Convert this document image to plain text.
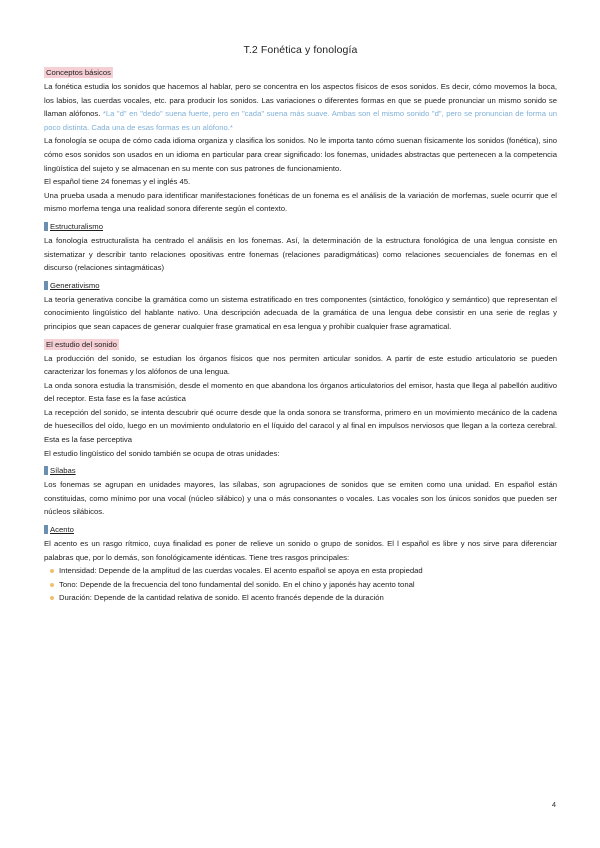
T.2 Fonética y fonología
Conceptos básicos

La fonética estudia los sonidos que hacemos al hablar, pero se concentra en los aspectos físicos de esos sonidos. Es decir, cómo movemos la boca, los labios, las cuerdas vocales, etc. para producir los sonidos. Las variaciones o diferentes formas en que se puede pronunciar un mismo sonido se llaman alófonos. *La "d" en "dedo" suena fuerte, pero en "cada" suena más suave. Ambas son el mismo sonido "d", pero se pronuncian de forma un poco distinta. Cada una de esas formas es un alófono.*

La fonología se ocupa de cómo cada idioma organiza y clasifica los sonidos. No le importa tanto cómo suenan físicamente los sonidos (fonética), sino cómo esos sonidos son usados en un idioma en particular para crear significado: los fonemas, unidades abstractas que pertenecen a la competencia lingüística del sujeto y se almacenan en su mente con sus patrones de funcionamiento.

El español tiene 24 fonemas y el inglés 45.

Una prueba usada a menudo para identificar manifestaciones fonéticas de un fonema es el análisis de la variación de morfemas, suele ocurrir que el mismo morfema tenga una realidad sonora diferente según el contexto.

Estructuralismo

La fonología estructuralista ha centrado el análisis en los fonemas. Así, la determinación de la estructura fonológica de una lengua consiste en sistematizar y describir tanto relaciones opositivas entre fonemas (relaciones paradigmáticas) como relaciones secuenciales de fonemas en el discurso (relaciones sintagmáticas)

Generativismo

La teoría generativa concibe la gramática como un sistema estratificado en tres componentes (sintáctico, fonológico y semántico) que representan el conocimiento lingüístico del hablante nativo. Una descripción adecuada de la gramática de una lengua debe consistir en una serie de reglas y principios que sean capaces de generar cualquier frase gramatical en esa lengua y prohibir cualquier frase agramatical.

El estudio del sonido

La producción del sonido, se estudian los órganos físicos que nos permiten articular sonidos. A partir de este estudio articulatorio se pueden caracterizar los fonemas y los alófonos de una lengua.

La onda sonora estudia la transmisión, desde el momento en que abandona los órganos articulatorios del emisor, hasta que llega al pabellón auditivo del receptor. Esta fase es la fase acústica

La recepción del sonido, se intenta descubrir qué ocurre desde que la onda sonora se transforma, primero en un movimiento mecánico de la cadena de huesecillos del oído, luego en un movimiento ondulatorio en el líquido del caracol y al final en impulsos nerviosos que llegan a la corteza cerebral. Esta es la fase perceptiva

El estudio lingüístico del sonido también se ocupa de otras unidades:

Sílabas

Los fonemas se agrupan en unidades mayores, las sílabas, son agrupaciones de sonidos que se emiten como una unidad. En español están constituidas, como mínimo por una vocal (núcleo silábico) y una o más consonantes o vocales. Las vocales son los únicos sonidos que pueden ser núcleos silábicos.

Acento

El acento es un rasgo rítmico, cuya finalidad es poner de relieve un sonido o grupo de sonidos. El l español es libre y nos sirve para diferenciar palabras que, por lo demás, son fonológicamente idénticas. Tiene tres rasgos principales:

Intensidad: Depende de la amplitud de las cuerdas vocales. El acento español se apoya en esta propiedad
Tono: Depende de la frecuencia del tono fundamental del sonido. En el chino y japonés hay acento tonal
Duración: Depende de la cantidad relativa de sonido. El acento francés depende de la duración
4
